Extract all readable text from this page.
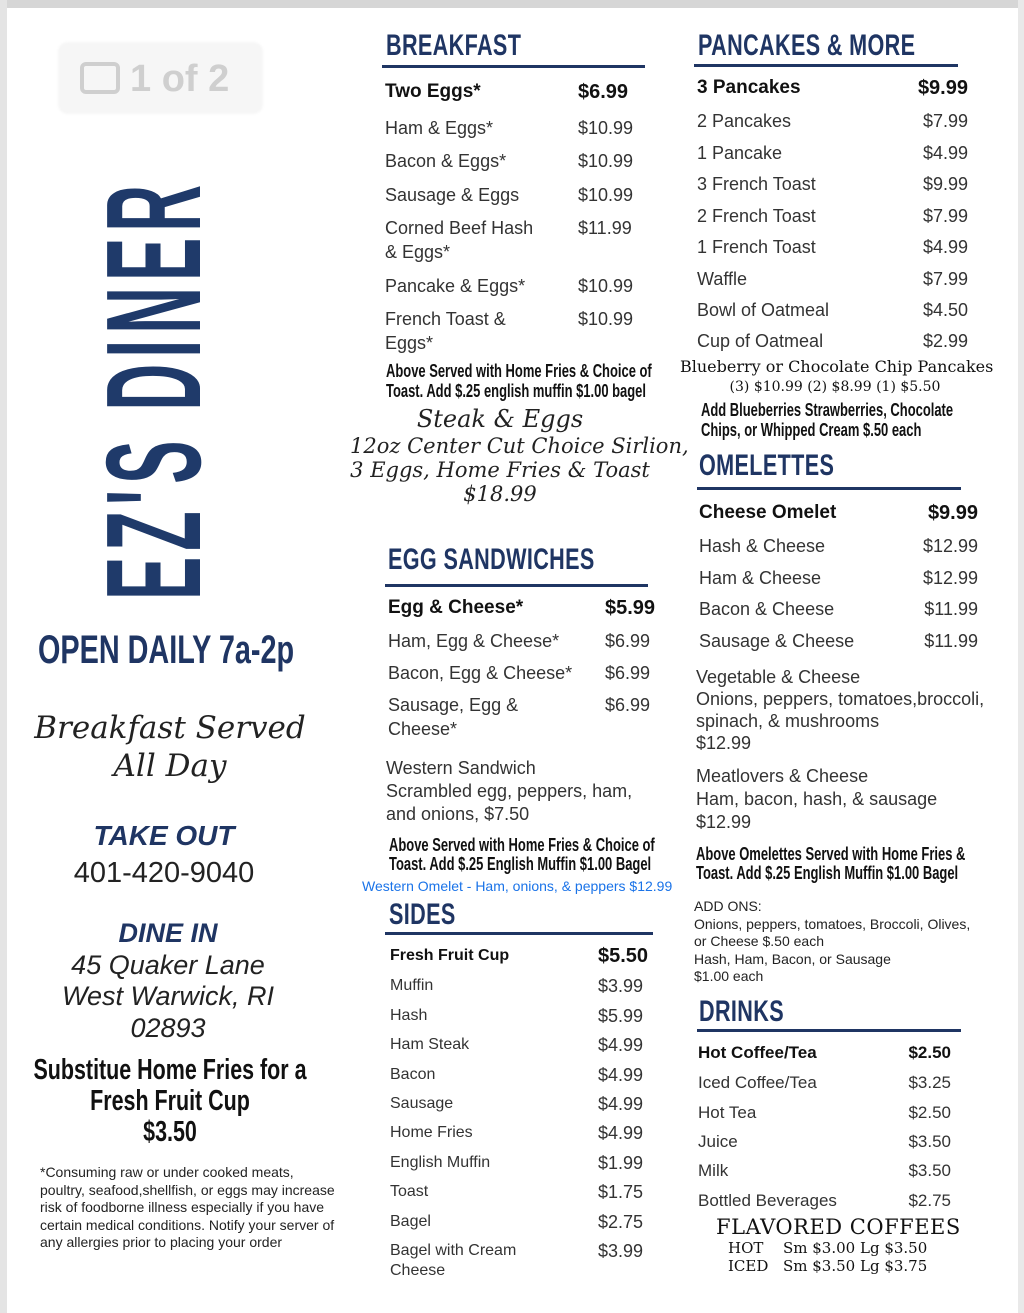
EZ'S DINER
1 of 2
OPEN DAILY 7a-2p
Breakfast Served
All Day
TAKE OUT
401-420-9040
DINE IN
45 Quaker Lane
West Warwick, RI
02893
BREAKFAST
Two Eggs*	$6.99
Ham & Eggs*	$10.99
Bacon & Eggs*	$10.99
Sausage & Eggs	$10.99
Corned Beef Hash
& Eggs*
$11.99
Pancake & Eggs*	$10.99
French Toast &
Eggs*
$10.99
Above Served with Home Fries & Choice of
Toast. Add $.25 english muffin $1.00 bagel
Steak & Eggs
12oz Center Cut Choice Sirlion,
3 Eggs, Home Fries & Toast
$18.99
EGG SANDWICHES
Egg & Cheese*	$5.99
Ham, Egg & Cheese*	$6.99
Bacon, Egg & Cheese* $6.99
Sausage, Egg &
Cheese*
$6.99
Western Sandwich
Scrambled egg, peppers, ham,
and onions, $7.50
Above Served with Home Fries & Choice of
Toast. Add $.25 English Muffin $1.00 Bagel
Western Omelet - Ham, onions, & peppers $12.99
SIDES
Fresh Fruit Cup	$5.50
Muffin	$3.99
Hash	$5.99
Ham Steak	$4.99
Bacon	$4.99
Sausage	$4.99
Home Fries	$4.99
English Muffin	$1.99
Toast	$1.75
Bagel	$2.75
Bagel with Cream
Cheese
$3.99
PANCAKES & MORE
3 Pancakes	$9.99
2 Pancakes	$7.99
1 Pancake	$4.99
3 French Toast	$9.99
2 French Toast	$7.99
1 French Toast	$4.99
Waffle	$7.99
Bowl of Oatmeal	$4.50
Cup of Oatmeal	$2.99
Blueberry or Chocolate Chip Pancakes
(3) $10.99 (2) $8.99 (1) $5.50
Add Blueberries Strawberries, Chocolate
Chips, or Whipped Cream $.50 each
OMELETTES
Cheese Omelet	$9.99
Hash & Cheese	$12.99
Ham & Cheese	$12.99
Bacon & Cheese	$11.99
Sausage & Cheese	$11.99
Vegetable & Cheese
Onions, peppers, tomatoes,broccoli,
spinach, & mushrooms
$12.99
Meatlovers & Cheese
Ham, bacon, hash, & sausage
$12.99
Above Omelettes Served with Home Fries &
Toast. Add $.25 English Muffin $1.00 Bagel
ADD ONS:
Onions, peppers, tomatoes, Broccoli, Olives,
or Cheese $.50 each
Hash, Ham, Bacon, or Sausage
$1.00 each
DRINKS
Hot Coffee/Tea	$2.50
Iced Coffee/Tea	$3.25
Hot Tea	$2.50
Juice	$3.50
Milk	$3.50
Bottled Beverages	$2.75
FLAVORED COFFEES
HOT Sm $3.00 Lg $3.50
ICED Sm $3.50 Lg $3.75
Substitue Home Fries for a
Fresh Fruit Cup
$3.50
*Consuming raw or under cooked meats,
poultry, seafood,shellfish, or eggs may increase
risk of foodborne illness especially if you have
certain medical conditions. Notify your server of
any allergies prior to placing your order
